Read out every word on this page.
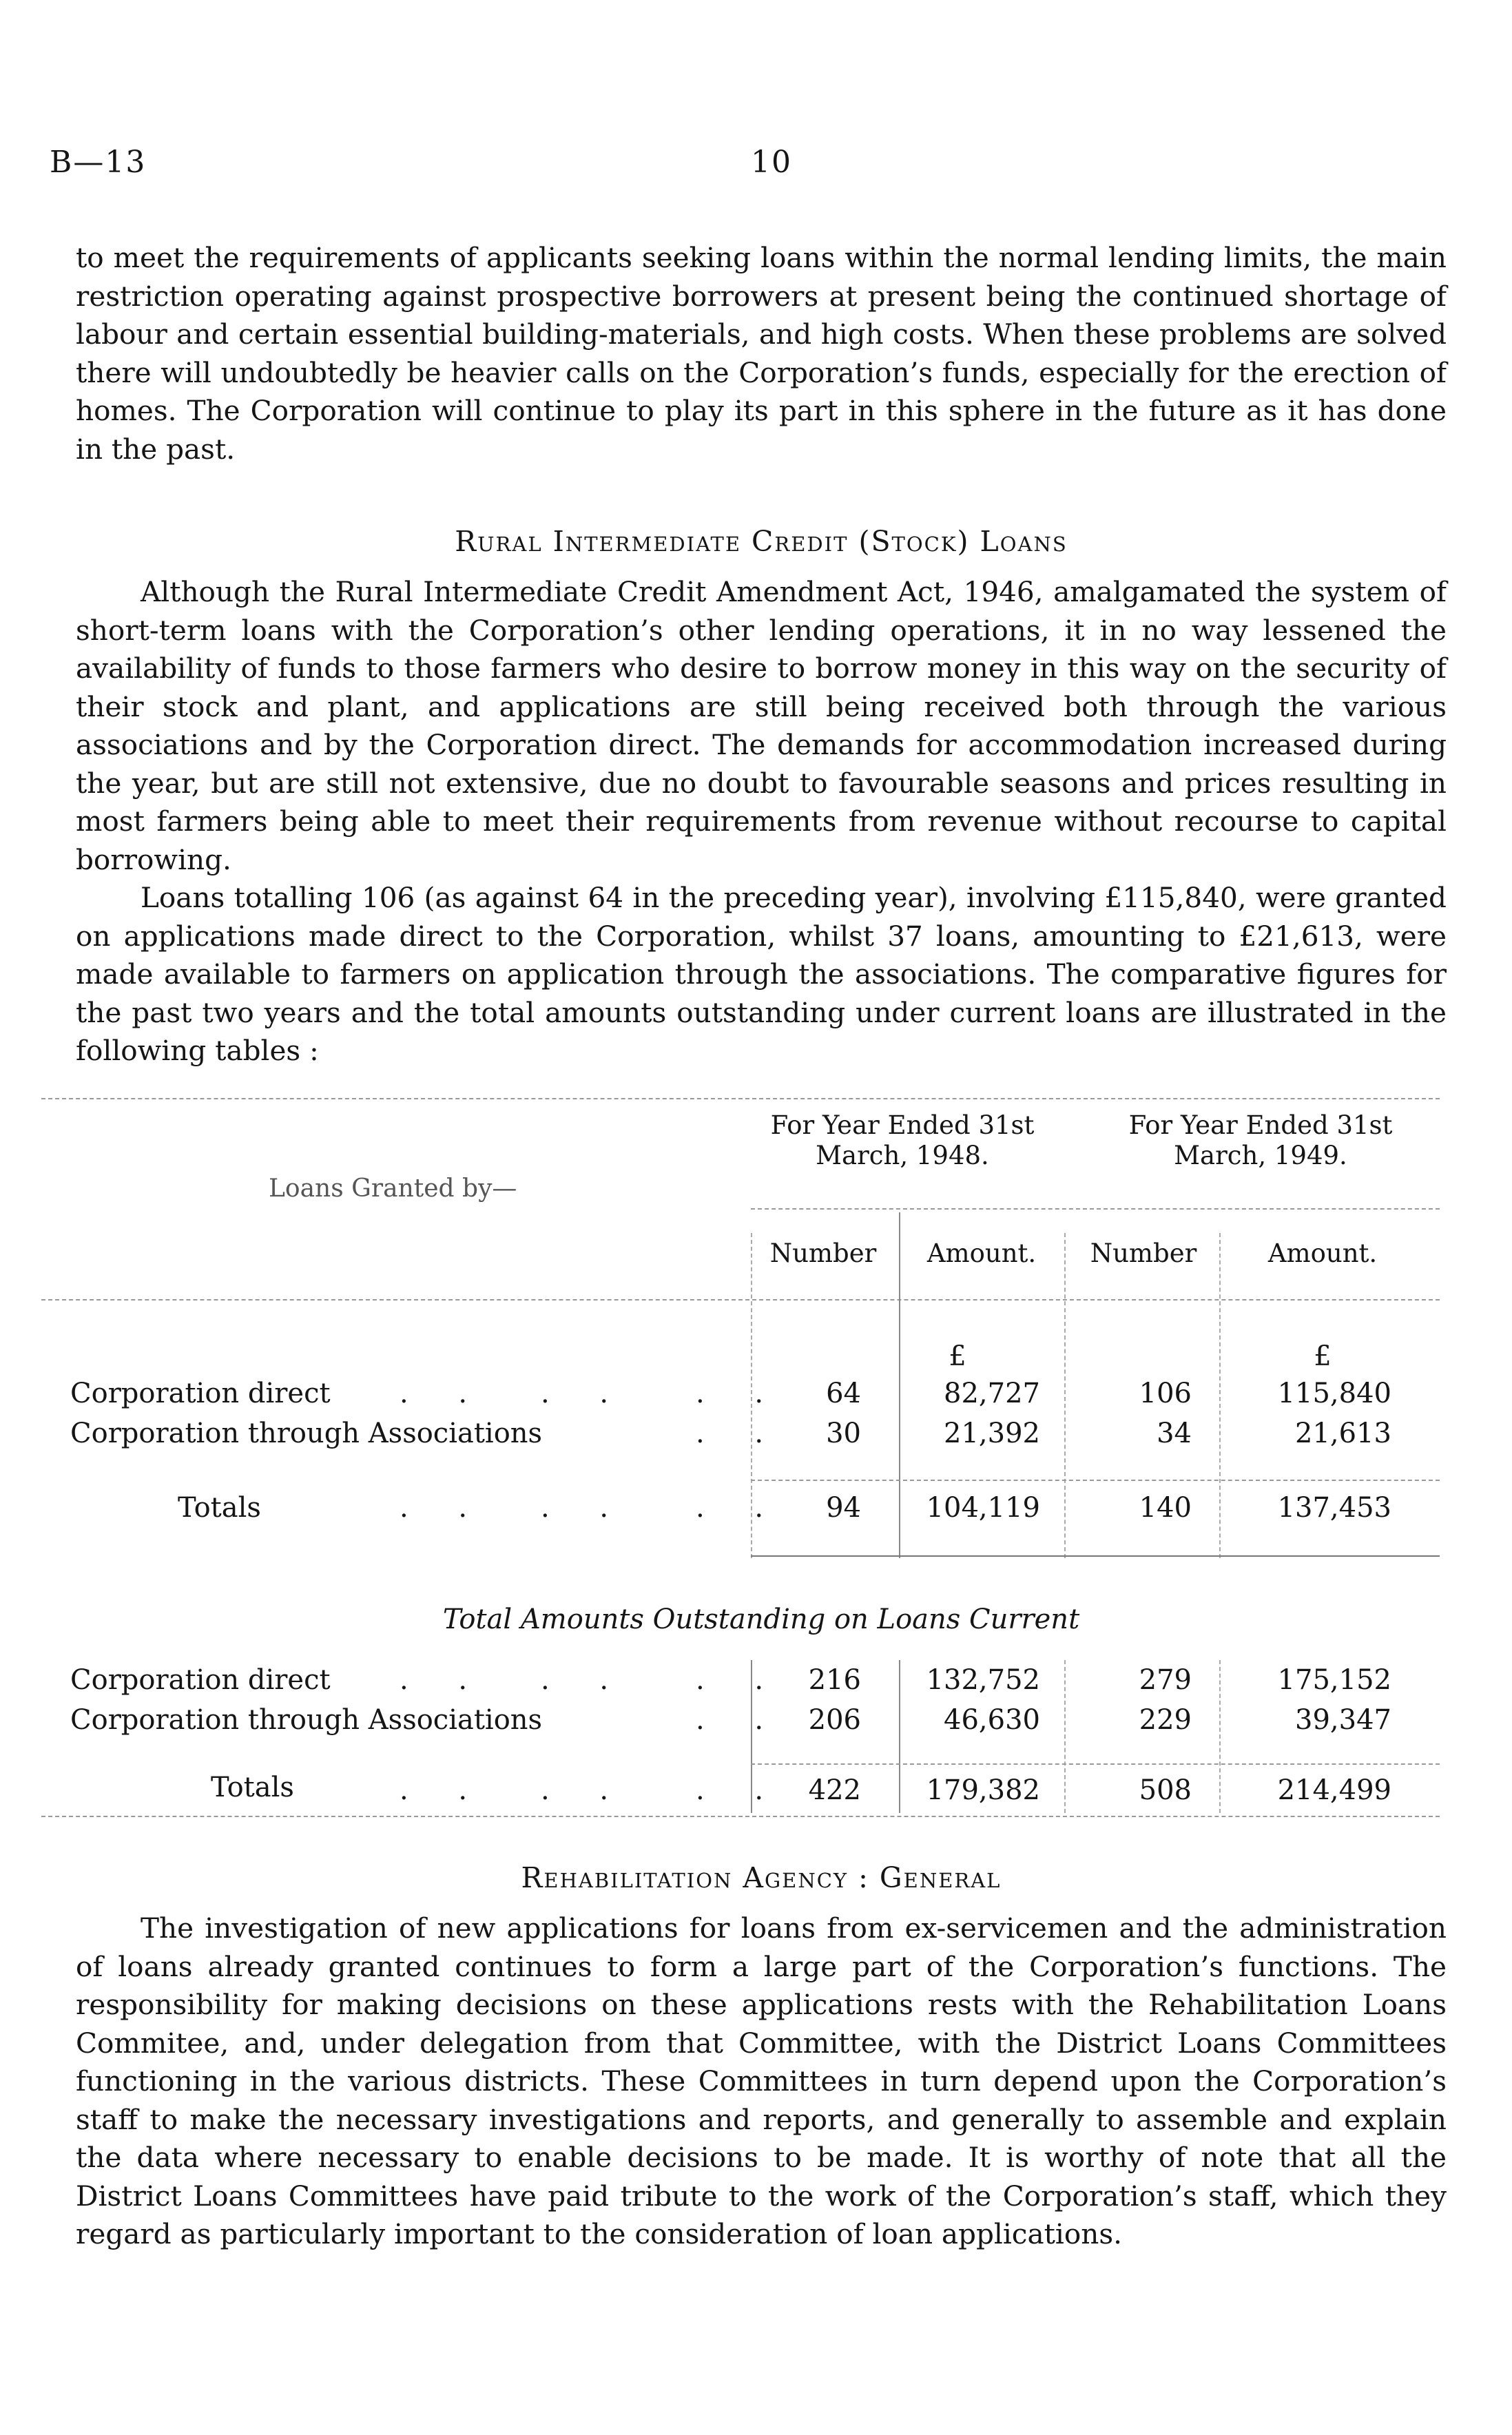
B—13	10
to meet the requirements of applicants seeking loans within the normal lending limits, the main restriction operating against prospective borrowers at present being the continued shortage of labour and certain essential building-materials, and high costs. When these problems are solved there will undoubtedly be heavier calls on the Corporation’s funds, especially for the erection of homes. The Corporation will continue to play its part in this sphere in the future as it has done in the past.
Rural Intermediate Credit (Stock) Loans
Although the Rural Intermediate Credit Amendment Act, 1946, amalgamated the system of short-term loans with the Corporation’s other lending operations, it in no way lessened the availability of funds to those farmers who desire to borrow money in this way on the security of their stock and plant, and applications are still being received both through the various associations and by the Corporation direct. The demands for accommodation increased during the year, but are still not extensive, due no doubt to favourable seasons and prices resulting in most farmers being able to meet their requirements from revenue without recourse to capital borrowing.
Loans totalling 106 (as against 64 in the preceding year), involving £115,840, were granted on applications made direct to the Corporation, whilst 37 loans, amounting to £21,613, were made available to farmers on application through the associations. The comparative figures for the past two years and the total amounts outstanding under current loans are illustrated in the following tables :
Loans Granted by—
For Year Ended 31st March, 1948.
For Year Ended 31st March, 1949.
Number	Amount.	Number	Amount.
£	£
Corporation direct	. . . . . .	64	82,727	106	115,840
Corporation through Associations	. .	30	21,392	34	21,613
Totals	. . . . . .	94	104,119	140	137,453
Total Amounts Outstanding on Loans Current
Corporation direct	. . . . . . 216	132,752	279	175,152
Corporation through Associations	. . 206	46,630	229	39,347
Totals	. . . . . . 422	179,382	508	214,499
Rehabilitation Agency : General
The investigation of new applications for loans from ex-servicemen and the administration of loans already granted continues to form a large part of the Corporation’s functions. The responsibility for making decisions on these applications rests with the Rehabilitation Loans Commitee, and, under delegation from that Committee, with the District Loans Committees functioning in the various districts. These Committees in turn depend upon the Corporation’s staff to make the necessary investigations and reports, and generally to assemble and explain the data where necessary to enable decisions to be made. It is worthy of note that all the District Loans Committees have paid tribute to the work of the Corporation’s staff, which they regard as particularly important to the consideration of loan applications.
